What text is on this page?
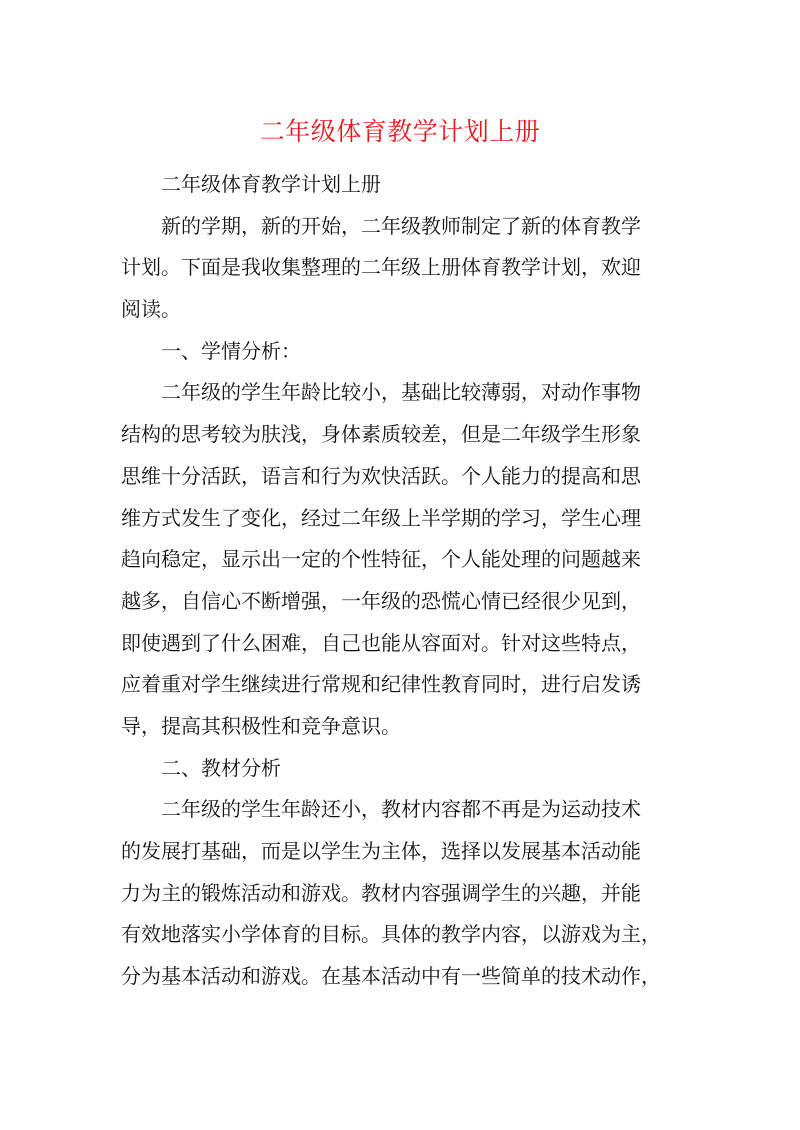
二年级体育教学计划上册

二年级体育教学计划上册

新的学期，新的开始，二年级教师制定了新的体育教学
计划。下面是我收集整理的二年级上册体育教学计划，欢迎
阅读。

一、学情分析：

二年级的学生年龄比较小，基础比较薄弱，对动作事物
结构的思考较为肤浅，身体素质较差，但是二年级学生形象
思维十分活跃，语言和行为欢快活跃。个人能力的提高和思
维方式发生了变化，经过二年级上半学期的学习，学生心理
趋向稳定，显示出一定的个性特征，个人能处理的问题越来
越多，自信心不断增强，一年级的恐慌心情已经很少见到，
即使遇到了什么困难，自己也能从容面对。针对这些特点，
应着重对学生继续进行常规和纪律性教育同时，进行启发诱
导，提高其积极性和竞争意识。

二、教材分析

二年级的学生年龄还小，教材内容都不再是为运动技术
的发展打基础，而是以学生为主体，选择以发展基本活动能
力为主的锻炼活动和游戏。教材内容强调学生的兴趣，并能
有效地落实小学体育的目标。具体的教学内容，以游戏为主，
分为基本活动和游戏。在基本活动中有一些简单的技术动作，
